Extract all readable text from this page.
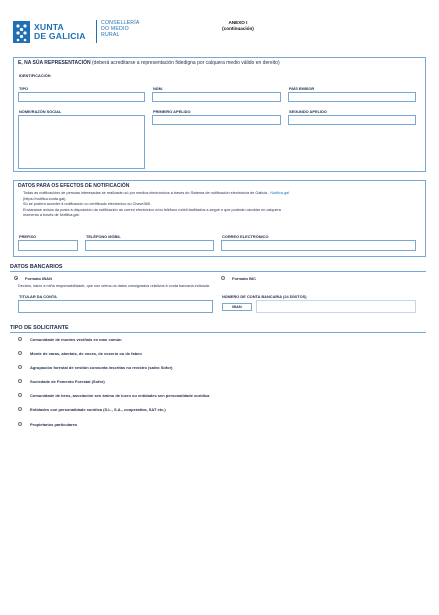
XUNTA
DE GALICIA
CONSELLERÍA
DO MEDIO
RURAL
ANEXO I
(continuación)
E, NA SÚA REPRESENTACIÓN (deberá acreditarse a representación fidedigna por calquera medio válido en dereito)
IDENTIFICACIÓN
TIPO	NÚM.	PAÍS EMISOR
NOME/RAZÓN SOCIAL	PRIMEIRO APELIDO	SEGUNDO APELIDO
DATOS PARA OS EFECTOS DE NOTIFICACIÓN
Todas as notificacións de persoas interesadas se realizarán só por medios electrónicos a través do Sistema de notificación electrónica de Galicia - Notifica.gal
(https://notifica.xunta.gal).
Só se poderá acceder á notificación co certificado electrónico ou Chave365.
Enviaranse avisos da posta á disposición da notificación ao correo electrónico e/ou teléfono móbil facilitados a seguir e que poderán cambiar en calquera
momento a través de Notifica.gal:
PREFIXO	TELÉFONO MÓBIL	CORREO ELECTRÓNICO
DATOS BANCARIOS
Formato IBAN	Formato BIC
Declaro, baixo a miña responsabilidade, que son certos os datos consignados relativos á conta bancaria indicada.
TITULAR DA CONTA	NÚMERO DE CONTA BANCARIA (24 DÍXITOS)
IBAN
TIPO DE SOLICITANTE
Comunidade de montes veciñais en man común
Monte de varas, abertais, de voces, de vocerío ou de fabeo
Agrupación forestal de xestión conxunta inscritas no rexistro (salvo Sofor)
Sociedade de Fomento Forestal (Sofor)
Comunidade de bens, asociación sen ánimo de lucro ou entidades sen personalidade xurídica
Entidades con personalidade xurídica (S.L., S.A., cooperativa, SAT etc.)
Propietarios particulares
